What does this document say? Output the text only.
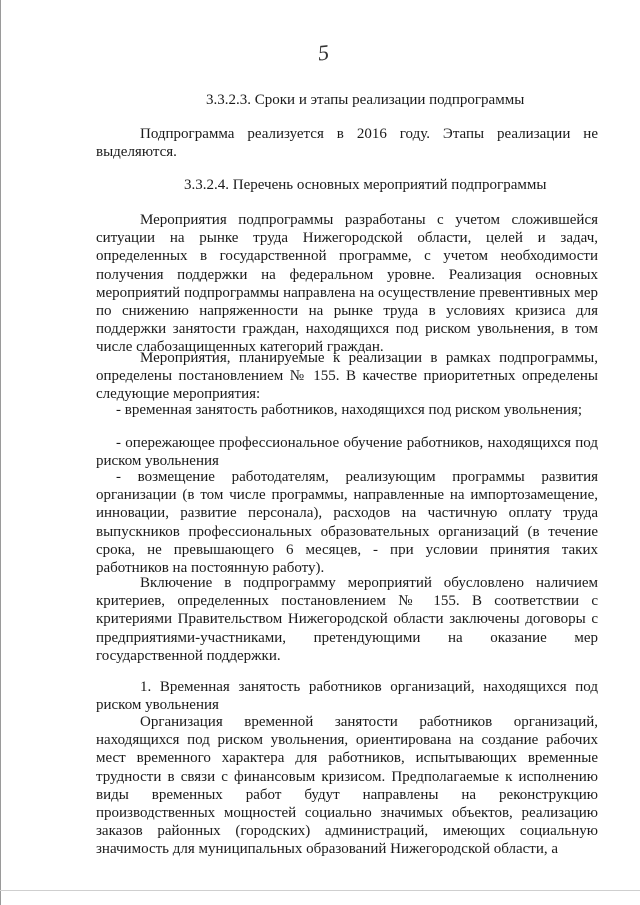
5
3.3.2.3. Сроки и этапы реализации подпрограммы

Подпрограмма реализуется в 2016 году. Этапы реализации не выделяются.

3.3.2.4. Перечень основных мероприятий подпрограммы

Мероприятия подпрограммы разработаны с учетом сложившейся ситуации на рынке труда Нижегородской области, целей и задач, определенных в государственной программе, с учетом необходимости получения поддержки на федеральном уровне. Реализация основных мероприятий подпрограммы направлена на осуществление превентивных мер по снижению напряженности на рынке труда в условиях кризиса для поддержки занятости граждан, находящихся под риском увольнения, в том числе слабозащищенных категорий граждан.

Мероприятия, планируемые к реализации в рамках подпрограммы, определены постановлением № 155. В качестве приоритетных определены следующие мероприятия:

- временная занятость работников, находящихся под риском увольнения;

- опережающее профессиональное обучение работников, находящихся под риском увольнения

- возмещение работодателям, реализующим программы развития организации (в том числе программы, направленные на импортозамещение, инновации, развитие персонала), расходов на частичную оплату труда выпускников профессиональных образовательных организаций (в течение срока, не превышающего 6 месяцев, - при условии принятия таких работников на постоянную работу).

Включение в подпрограмму мероприятий обусловлено наличием критериев, определенных постановлением № 155. В соответствии с критериями Правительством Нижегородской области заключены договоры с предприятиями-участниками, претендующими на оказание мер государственной поддержки.

1. Временная занятость работников организаций, находящихся под риском увольнения

Организация временной занятости работников организаций, находящихся под риском увольнения, ориентирована на создание рабочих мест временного характера для работников, испытывающих временные трудности в связи с финансовым кризисом. Предполагаемые к исполнению виды временных работ будут направлены на реконструкцию производственных мощностей социально значимых объектов, реализацию заказов районных (городских) администраций, имеющих социальную значимость для муниципальных образований Нижегородской области, а
